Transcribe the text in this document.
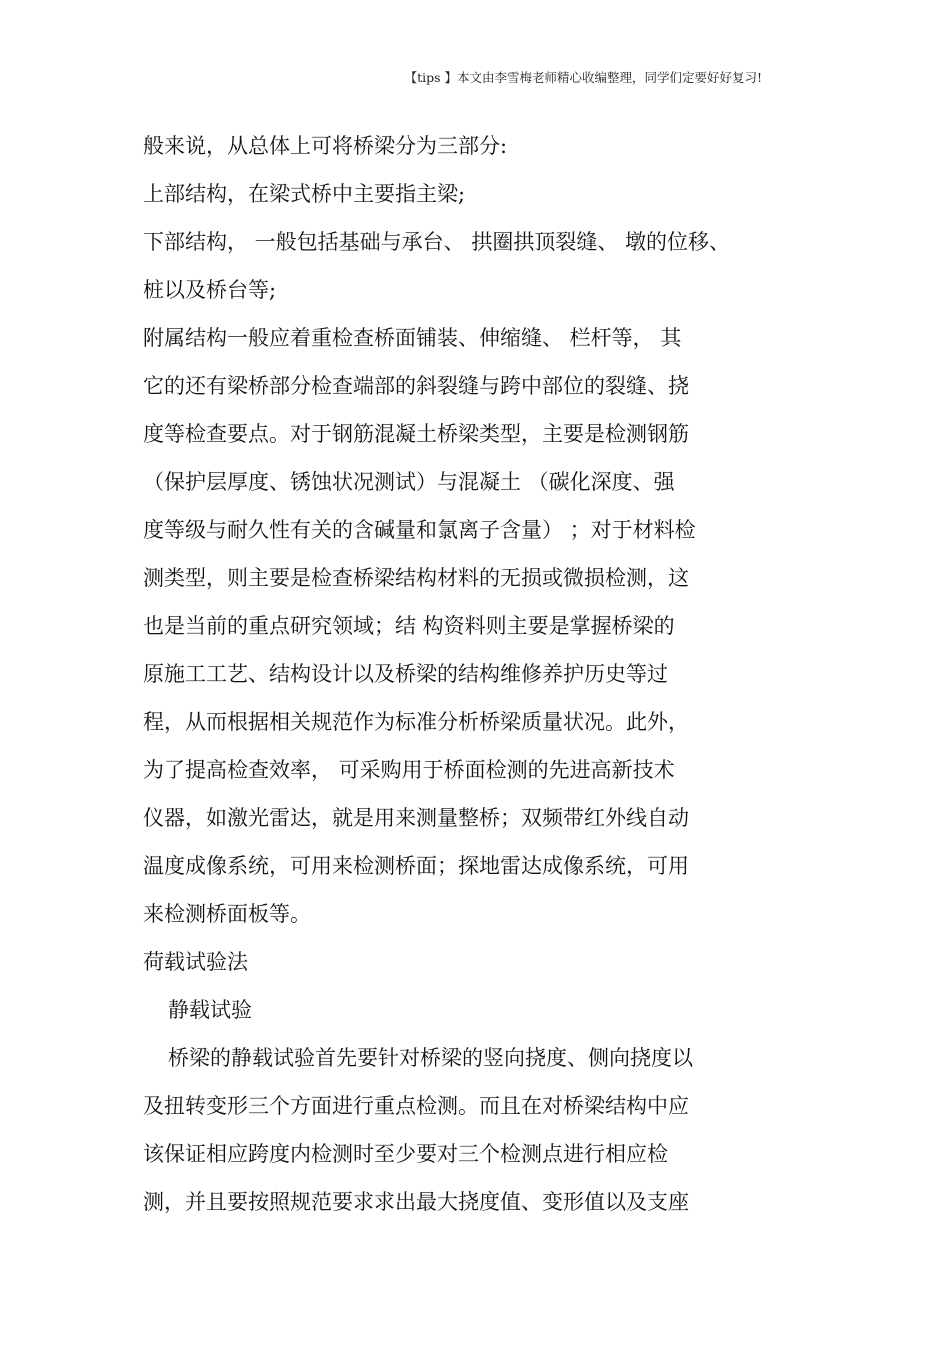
【tips 】本文由李雪梅老师精心收编整理，同学们定要好好复习!
般来说，从总体上可将桥梁分为三部分:
上部结构，在梁式桥中主要指主梁;
下部结构， 一般包括基础与承台、 拱圈拱顶裂缝、 墩的位移、
桩以及桥台等;
附属结构一般应着重检查桥面铺装、伸缩缝、 栏杆等， 其
它的还有梁桥部分检查端部的斜裂缝与跨中部位的裂缝、挠
度等检查要点。对于钢筋混凝土桥梁类型，主要是检测钢筋
（保护层厚度、锈蚀状况测试）与混凝土 （碳化深度、强
度等级与耐久性有关的含碱量和氯离子含量） ；对于材料检
测类型，则主要是检查桥梁结构材料的无损或微损检测，这
也是当前的重点研究领域；结 构资料则主要是掌握桥梁的
原施工工艺、结构设计以及桥梁的结构维修养护历史等过
程，从而根据相关规范作为标准分析桥梁质量状况。此外，
为了提高检查效率， 可采购用于桥面检测的先进高新技术
仪器，如激光雷达，就是用来测量整桥；双频带红外线自动
温度成像系统，可用来检测桥面；探地雷达成像系统，可用
来检测桥面板等。
荷载试验法
静载试验
桥梁的静载试验首先要针对桥梁的竖向挠度、侧向挠度以
及扭转变形三个方面进行重点检测。而且在对桥梁结构中应
该保证相应跨度内检测时至少要对三个检测点进行相应检
测，并且要按照规范要求求出最大挠度值、变形值以及支座
